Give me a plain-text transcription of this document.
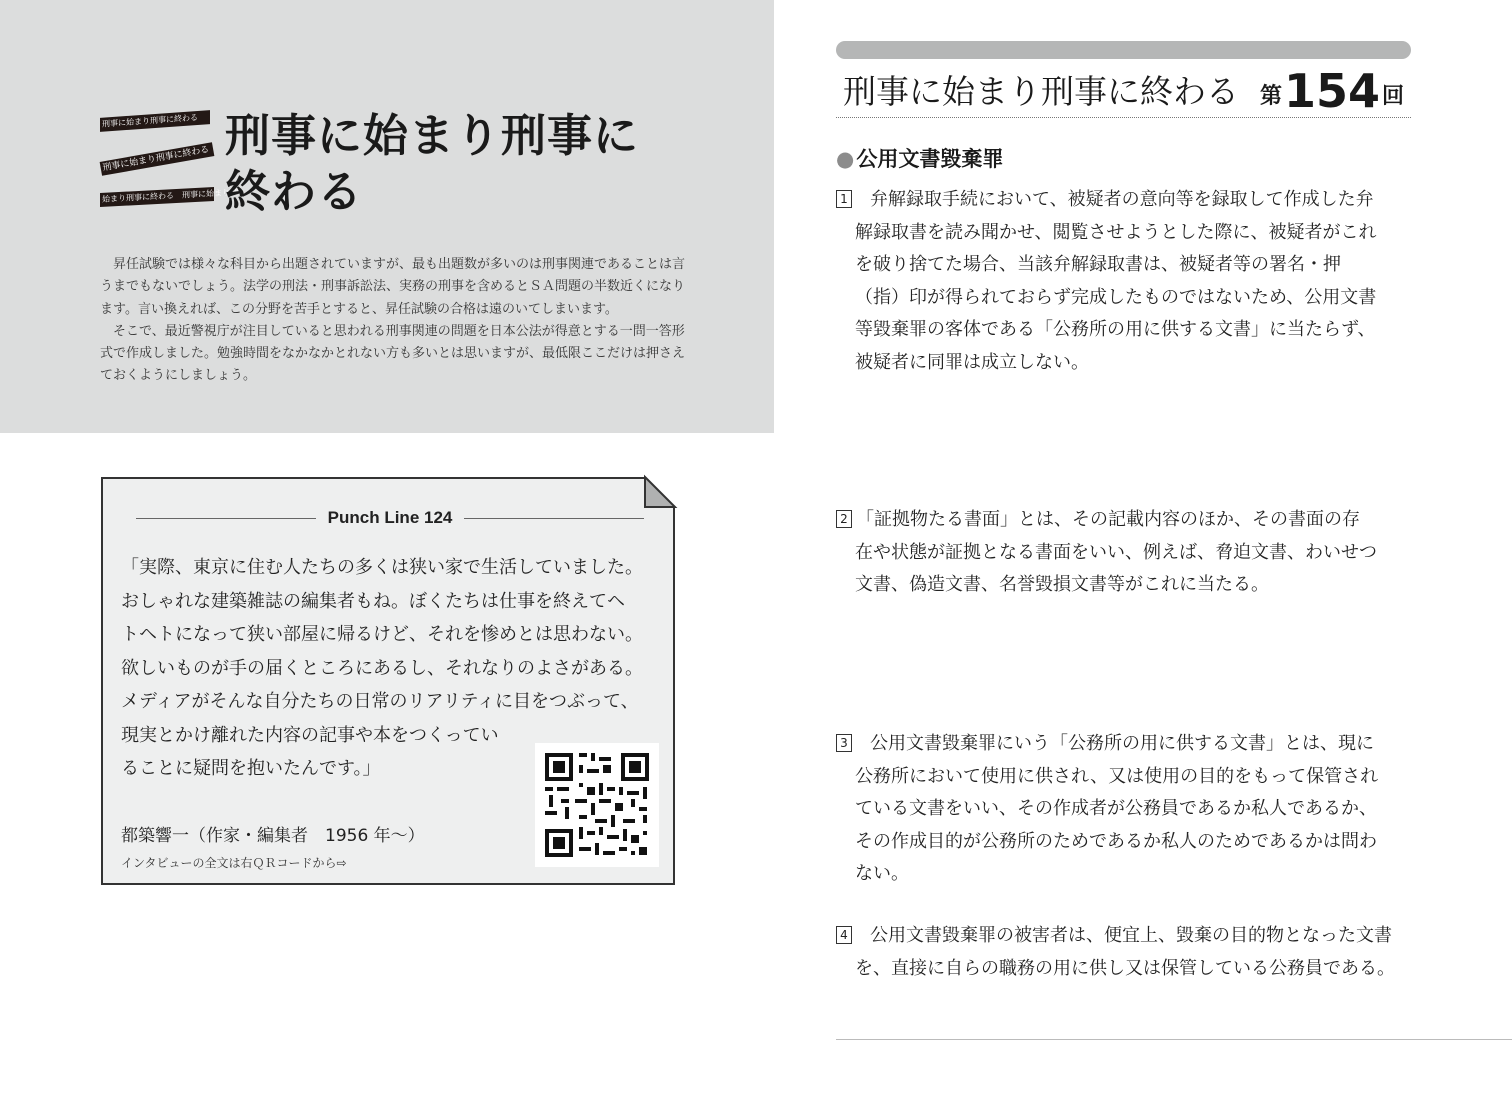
刑事に始まり刑事に終わる
刑事に始まり刑事に終わる
始まり刑事に終わる　刑事に始まり刑
刑事に始まり刑事に
終わる

昇任試験では様々な科目から出題されていますが、最も出題数が多いのは刑事関連であることは言うまでもないでしょう。法学の刑法・刑事訴訟法、実務の刑事を含めるとＳＡ問題の半数近くになります。言い換えれば、この分野を苦手とすると、昇任試験の合格は遠のいてしまいます。

そこで、最近警視庁が注目していると思われる刑事関連の問題を日本公法が得意とする一問一答形式で作成しました。勉強時間をなかなかとれない方も多いとは思いますが、最低限ここだけは押さえておくようにしましょう。

Punch Line 124
「実際、東京に住む人たちの多くは狭い家で生活していました。
おしゃれな建築雑誌の編集者もね。ぼくたちは仕事を終えてヘ
トヘトになって狭い部屋に帰るけど、それを惨めとは思わない。
欲しいものが手の届くところにあるし、それなりのよさがある。
メディアがそんな自分たちの日常のリアリティに目をつぶって、
現実とかけ離れた内容の記事や本をつくってい
ることに疑問を抱いたんです。」
都築響一（作家・編集者　1956 年〜）
インタビューの全文は右ＱＲコードから⇨
刑事に始まり刑事に終わる 第 154 回
●公用文書毀棄罪
1 弁解録取手続において、被疑者の意向等を録取して作成した弁
解録取書を読み聞かせ、閲覧させようとした際に、被疑者がこれ
を破り捨てた場合、当該弁解録取書は、被疑者等の署名・押
（指）印が得られておらず完成したものではないため、公用文書
等毀棄罪の客体である「公務所の用に供する文書」に当たらず、
被疑者に同罪は成立しない。
2 「証拠物たる書面」とは、その記載内容のほか、その書面の存
在や状態が証拠となる書面をいい、例えば、脅迫文書、わいせつ
文書、偽造文書、名誉毀損文書等がこれに当たる。
3 公用文書毀棄罪にいう「公務所の用に供する文書」とは、現に
公務所において使用に供され、又は使用の目的をもって保管され
ている文書をいい、その作成者が公務員であるか私人であるか、
その作成目的が公務所のためであるか私人のためであるかは問わ
ない。
4 公用文書毀棄罪の被害者は、便宜上、毀棄の目的物となった文書
を、直接に自らの職務の用に供し又は保管している公務員である。
